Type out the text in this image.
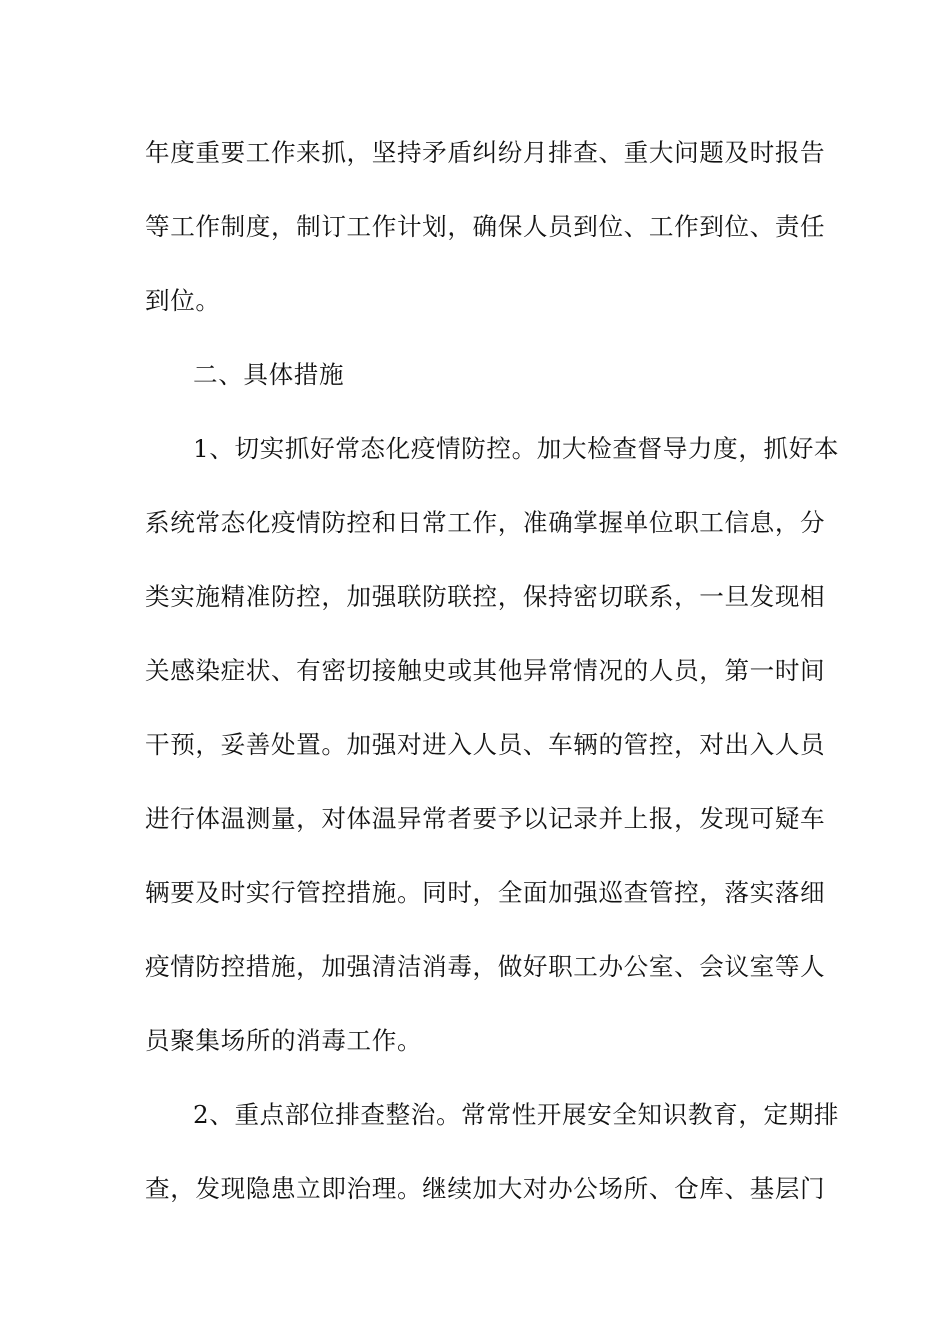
年度重要工作来抓，坚持矛盾纠纷月排查、重大问题及时报告
等工作制度，制订工作计划，确保人员到位、工作到位、责任
到位。
二、具体措施
1、切实抓好常态化疫情防控。加大检查督导力度，抓好本
系统常态化疫情防控和日常工作，准确掌握单位职工信息，分
类实施精准防控，加强联防联控，保持密切联系，一旦发现相
关感染症状、有密切接触史或其他异常情况的人员，第一时间
干预，妥善处置。加强对进入人员、车辆的管控，对出入人员
进行体温测量，对体温异常者要予以记录并上报，发现可疑车
辆要及时实行管控措施。同时，全面加强巡查管控，落实落细
疫情防控措施，加强清洁消毒，做好职工办公室、会议室等人
员聚集场所的消毒工作。
2、重点部位排查整治。常常性开展安全知识教育，定期排
查，发现隐患立即治理。继续加大对办公场所、仓库、基层门
